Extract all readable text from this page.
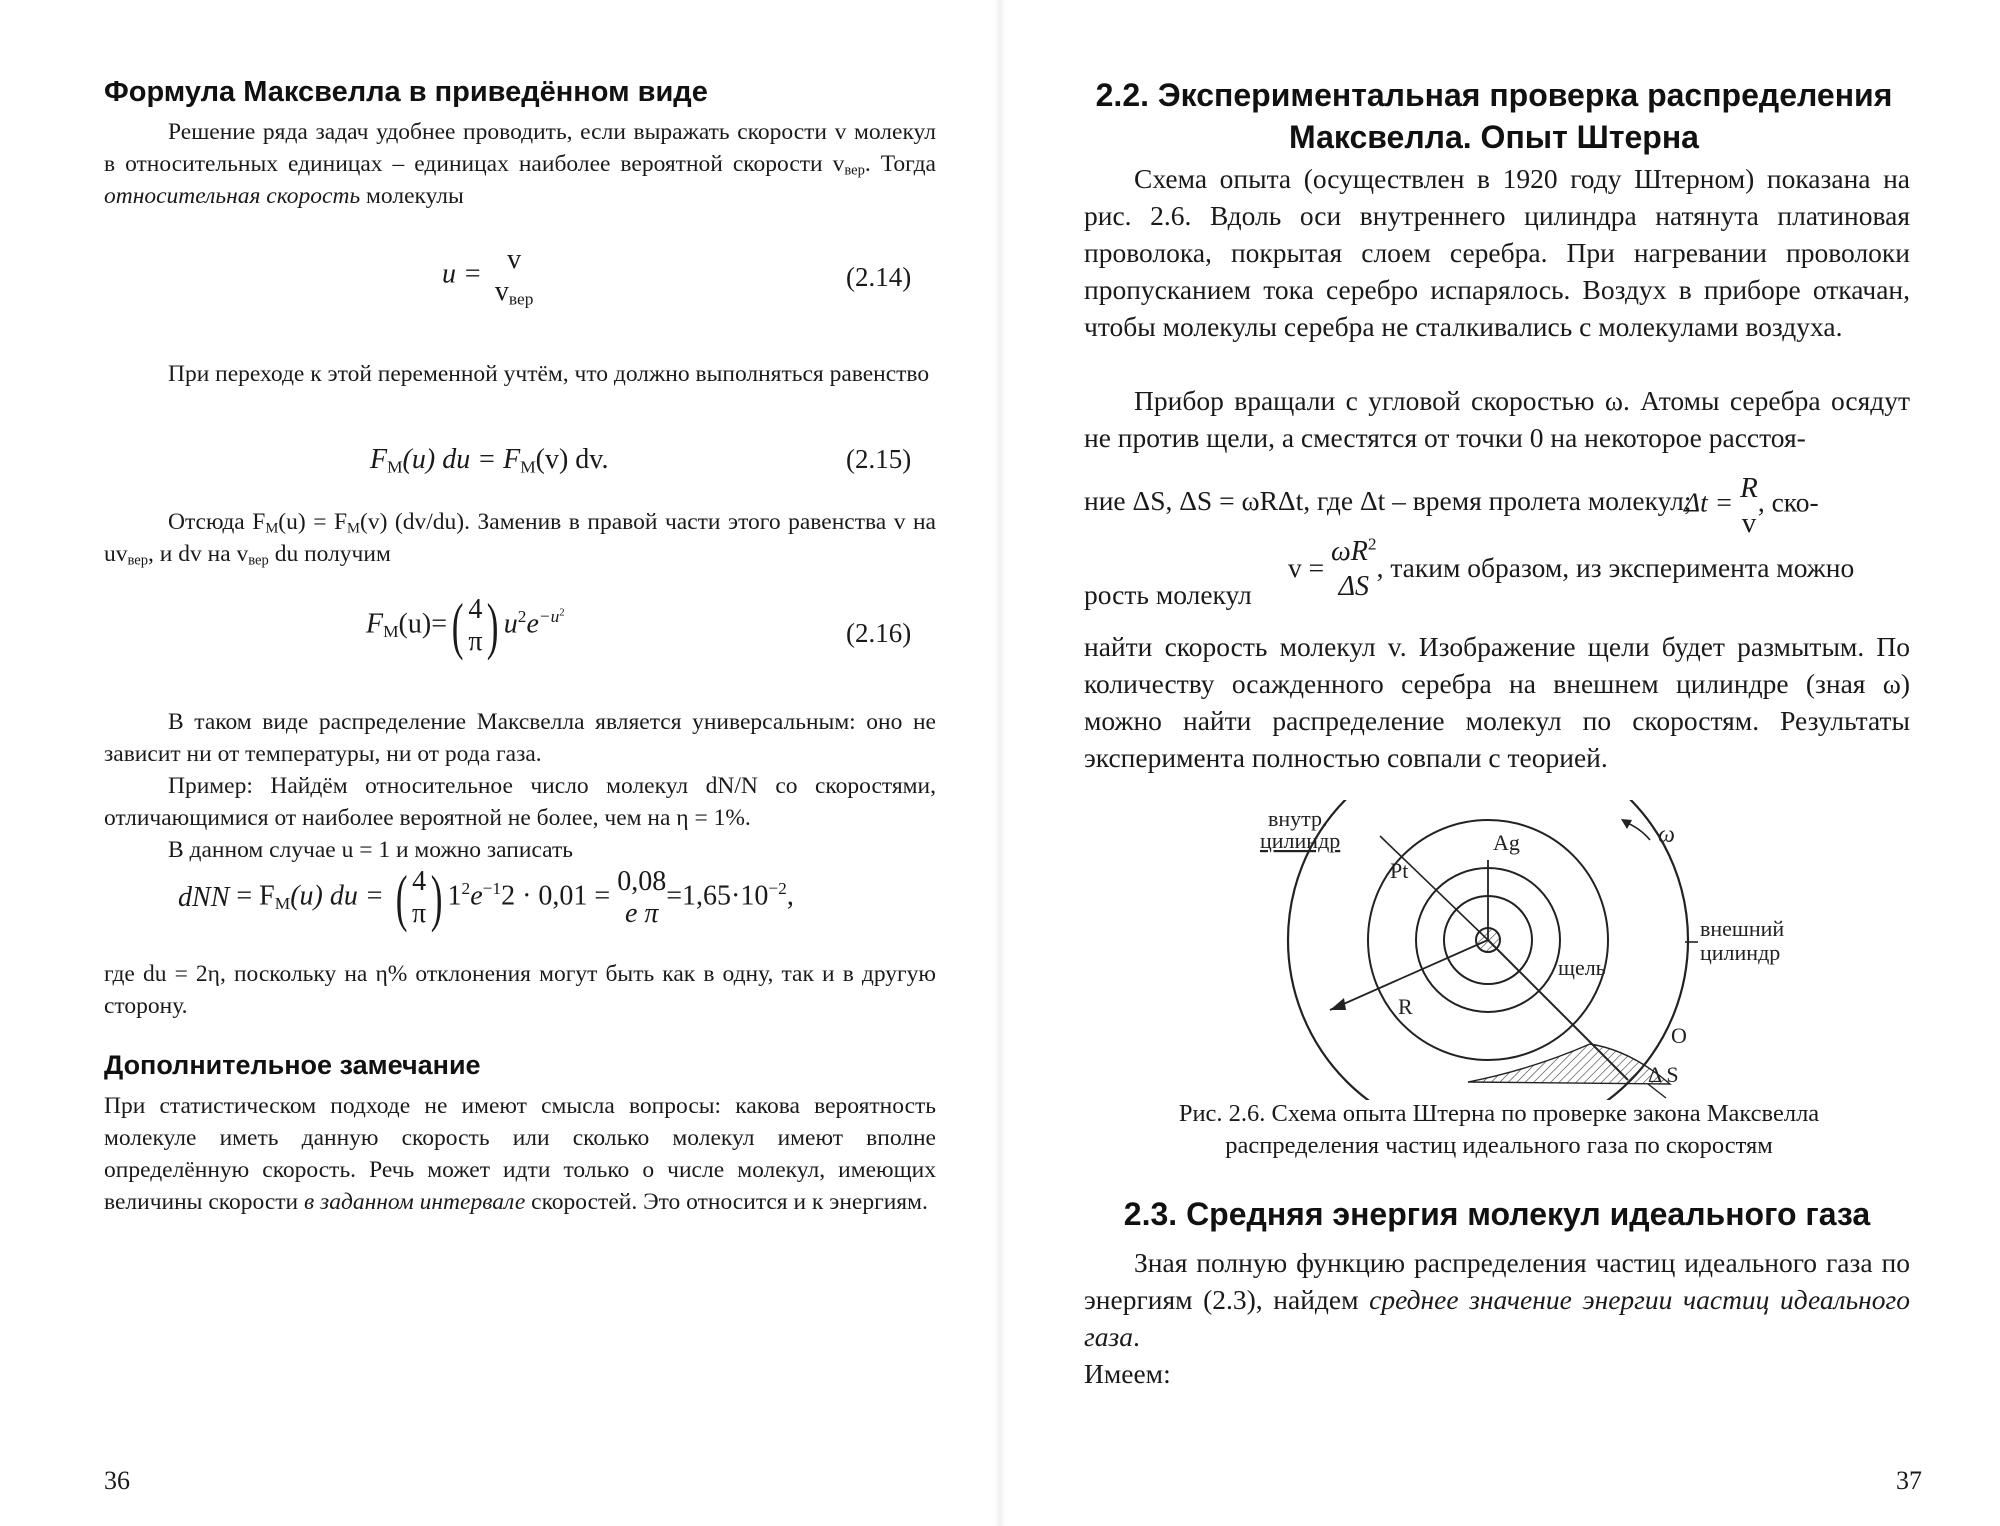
Формула Максвелла в приведённом виде

Решение ряда задач удобнее проводить, если выражать скорости v молекул в относительных единицах – единицах наиболее вероятной скорости $v_{вер}$. Тогда относительная скорость молекулы

u = v
$v_{вер}$
(2.14)

При переходе к этой переменной учтём, что должно выполняться равенство

$F_M(u)$ du = $F_M(v)$ dv.	(2.15)

Отсюда $F_M(u) = F_M(v)$ (dv/du). Заменив в правой части этого равенства v на $uv_{вер}$, и dv на $v_{вер}$ du получим

$F_M(u)=$( 4
π ) $u^2e^{-u^2}$
(2.16)

В таком виде распределение Максвелла является универсальным: оно не зависит ни от температуры, ни от рода газа.

Пример: Найдём относительное число молекул dN/N со скоростями, отличающимися от наиболее вероятной не более, чем на η = 1%.

В данном случае u = 1 и можно записать

dNN = $F_M(u)$ du = ( 4
π ) $1^2e^{-1}2 \cdot 0,01 = 0,08$
e $\pi=1,65\cdot 10^{-2}$,

где du = 2η, поскольку на η% отклонения могут быть как в одну, так и в другую сторону.

Дополнительное замечание

При статистическом подходе не имеют смысла вопросы: какова вероятность молекуле иметь данную скорость или сколько молекул имеют вполне определённую скорость. Речь может идти только о числе молекул, имеющих величины скорости в заданном интервале скоростей. Это относится и к энергиям.

36
2.2. Экспериментальная проверка распределения
Максвелла. Опыт Штерна

Схема опыта (осуществлен в 1920 году Штерном) показана на рис. 2.6. Вдоль оси внутреннего цилиндра натянута платиновая проволока, покрытая слоем серебра. При нагревании проволоки пропусканием тока серебро испарялось. Воздух в приборе откачан, чтобы молекулы серебра не сталкивались с молекулами воздуха.

Прибор вращали с угловой скоростью ω. Атомы серебра осядут не против щели, а сместятся от точки 0 на некоторое расстоя-

ние ΔS, ΔS = ωRΔt, где Δt – время пролета молекул;
Δt = R
v
, ско-
рость молекул
v =
$\omega R^2$
ΔS, таким образом, из эксперимента можно

найти скорость молекул v. Изображение щели будет размытым. По количеству осажденного серебра на внешнем цилиндре (зная ω) можно найти распределение молекул по скоростям. Результаты эксперимента полностью совпали с теорией.

внутр.
цилиндр
Pt
Ag	ω
внешний
цилиндр
щель
R
O
Δ S

Рис. 2.6. Схема опыта Штерна по проверке закона Максвелла распределения частиц идеального газа по скоростям

2.3. Средняя энергия молекул идеального газа

Зная полную функцию распределения частиц идеального газа по энергиям (2.3), найдем среднее значение энергии частиц идеального газа.

Имеем:

37
